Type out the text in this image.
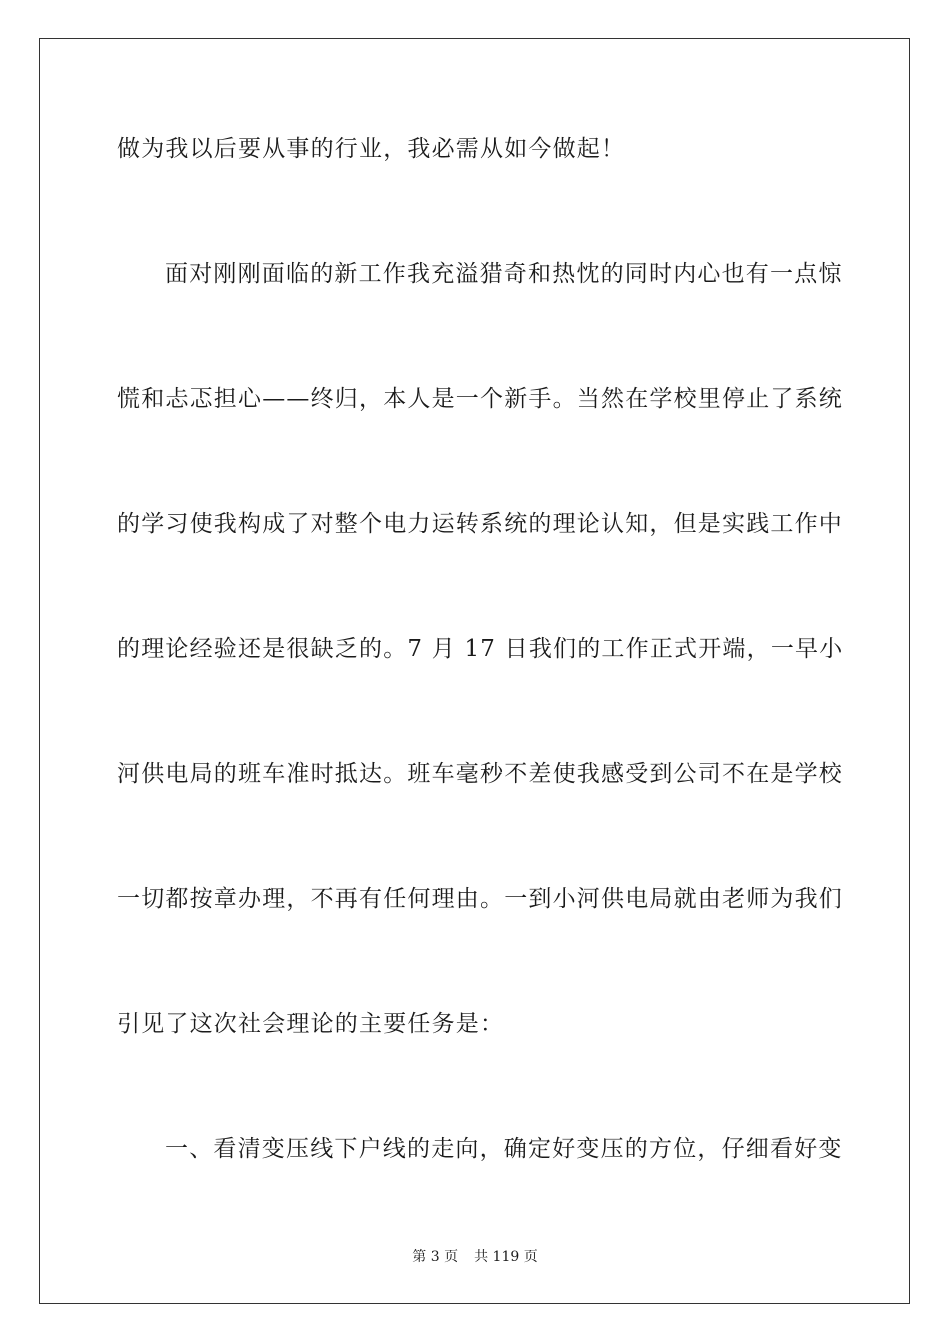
做为我以后要从事的行业，我必需从如今做起！
面对刚刚面临的新工作我充溢猎奇和热忱的同时内心也有一点惊
慌和忐忑担心——终归，本人是一个新手。当然在学校里停止了系统
的学习使我构成了对整个电力运转系统的理论认知，但是实践工作中
的理论经验还是很缺乏的。7 月 17 日我们的工作正式开端，一早小
河供电局的班车准时抵达。班车毫秒不差使我感受到公司不在是学校
一切都按章办理，不再有任何理由。一到小河供电局就由老师为我们
引见了这次社会理论的主要任务是：
一、看清变压线下户线的走向，确定好变压的方位，仔细看好变
第 3 页 共 119 页
